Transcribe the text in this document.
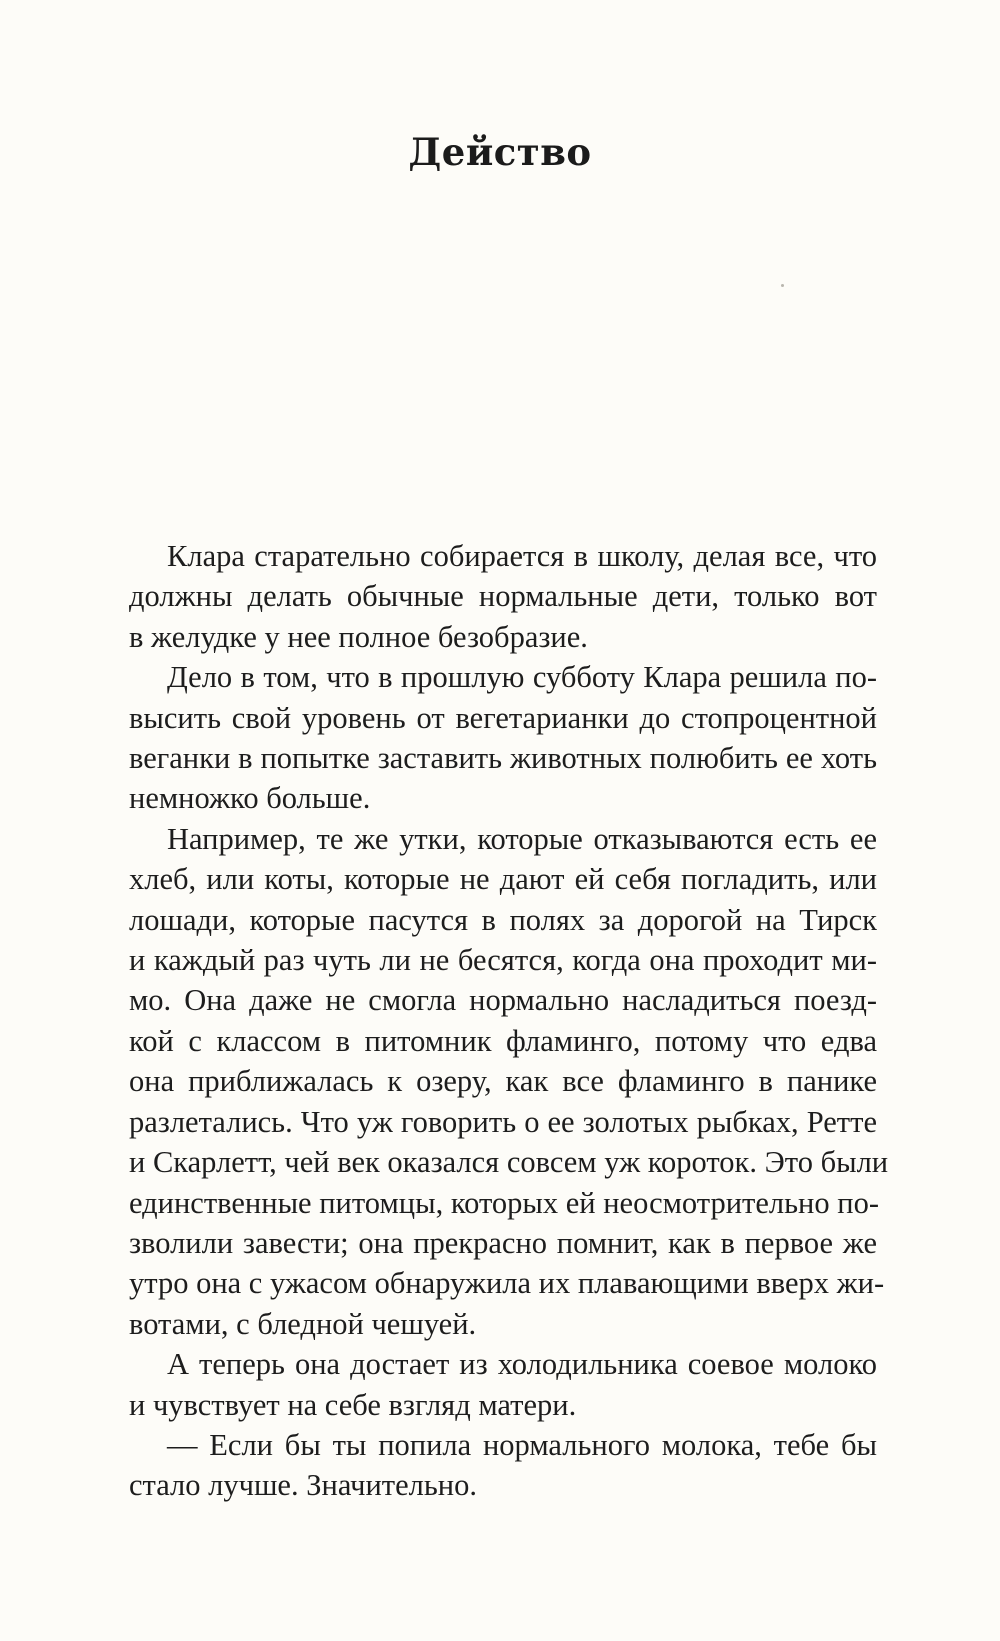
Действо
Клара старательно собирается в школу, делая все, что
должны делать обычные нормальные дети, только вот
в желудке у нее полное безобразие.
Дело в том, что в прошлую субботу Клара решила по-
высить свой уровень от вегетарианки до стопроцентной
веганки в попытке заставить животных полюбить ее хоть
немножко больше.
Например, те же утки, которые отказываются есть ее
хлеб, или коты, которые не дают ей себя погладить, или
лошади, которые пасутся в полях за дорогой на Тирск
и каждый раз чуть ли не бесятся, когда она проходит ми-
мо. Она даже не смогла нормально насладиться поезд-
кой с классом в питомник фламинго, потому что едва
она приближалась к озеру, как все фламинго в панике
разлетались. Что уж говорить о ее золотых рыбках, Ретте
и Скарлетт, чей век оказался совсем уж короток. Это были
единственные питомцы, которых ей неосмотрительно по-
зволили завести; она прекрасно помнит, как в первое же
утро она с ужасом обнаружила их плавающими вверх жи-
вотами, с бледной чешуей.
А теперь она достает из холодильника соевое молоко
и чувствует на себе взгляд матери.
— Если бы ты попила нормального молока, тебе бы
стало лучше. Значительно.
